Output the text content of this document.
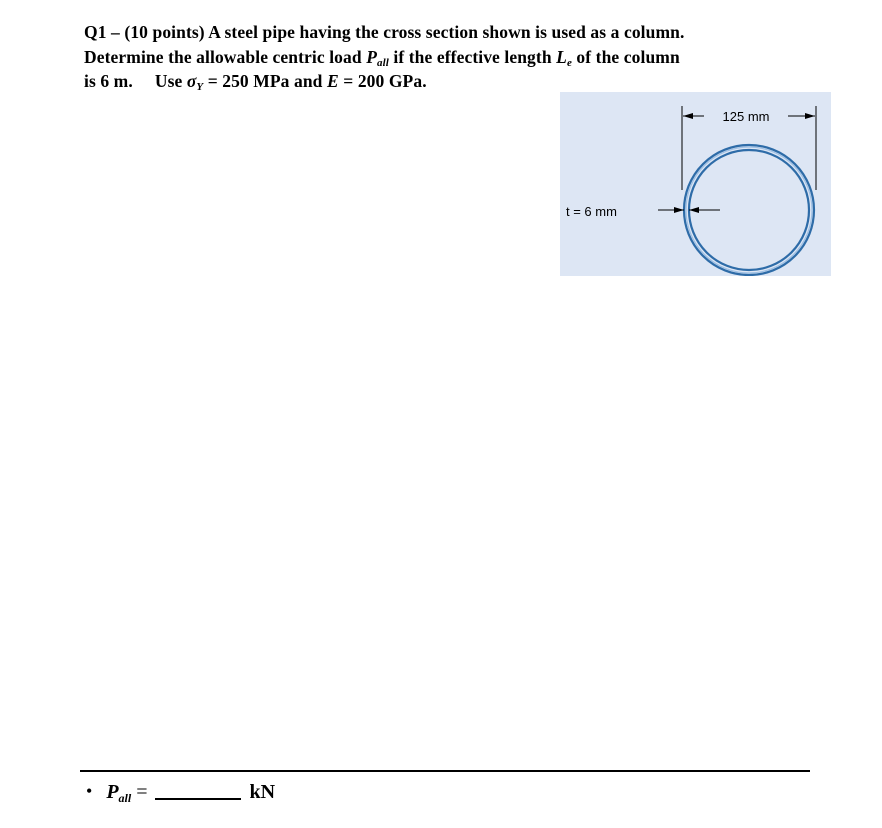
Q1 – (10 points) A steel pipe having the cross section shown is used as a column.
Determine the allowable centric load $P_{all}$ if the effective length $L_e$ of the column
is 6 m. Use $\sigma_Y = 250$ MPa and E = 200 GPa.
125 mm
t = 6 mm
• $P_{all}$ =	kN
